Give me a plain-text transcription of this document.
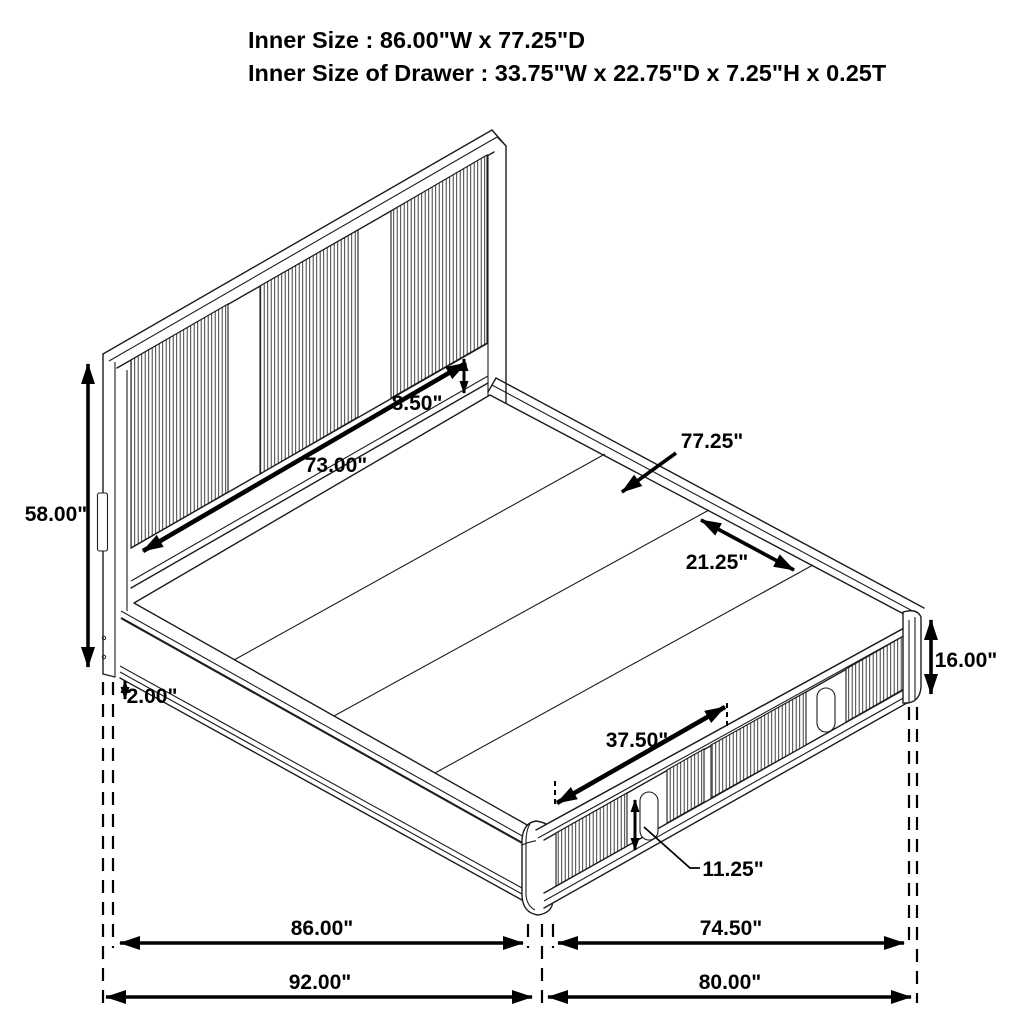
58.00"
73.00"
8.50"
2.00"
77.25"
21.25"
37.50"
11.25"
16.00"
86.00"	74.50"
92.00"	80.00"
Inner Size : 86.00"W x 77.25"D
Inner Size of Drawer : 33.75"W x 22.75"D x 7.25"H x 0.25T
